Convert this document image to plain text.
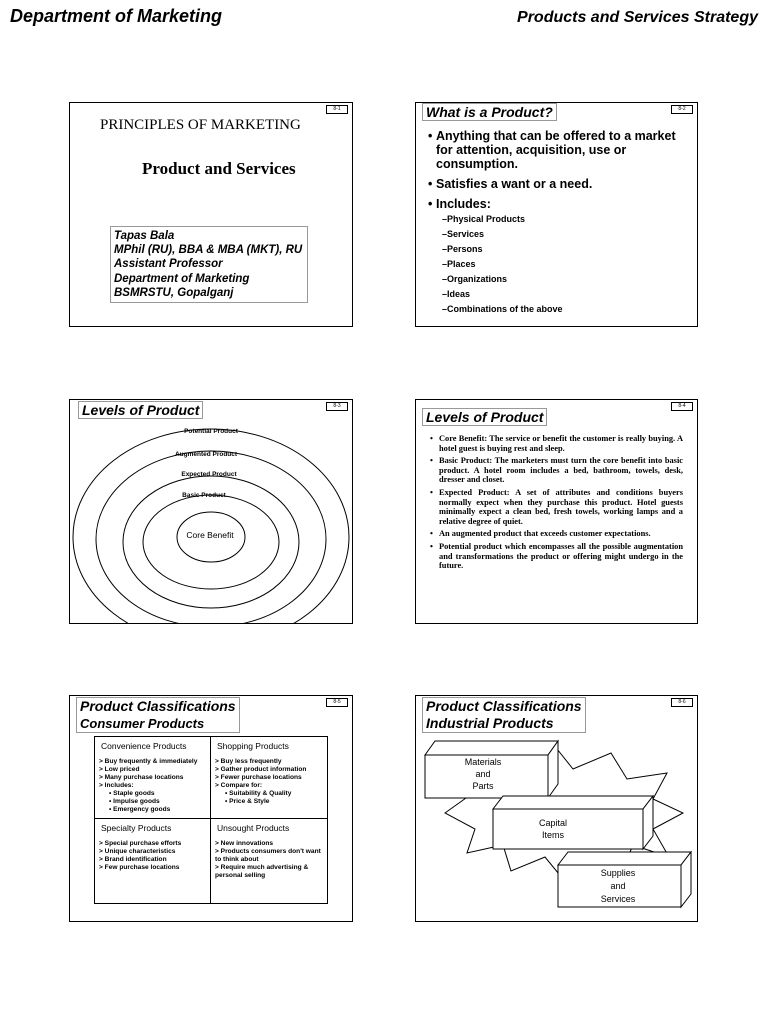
Department of Marketing	Products and Services Strategy
8-1
PRINCIPLES OF MARKETING
Product and Services
Tapas Bala
MPhil (RU), BBA & MBA (MKT), RU
Assistant Professor
Department of Marketing
BSMRSTU, Gopalganj
8-2
What is a Product?
• Anything that can be offered to a market for attention, acquisition, use or consumption.
• Satisfies a want or a need.
• Includes:
–Physical Products
–Services
–Persons
–Places
–Organizations
–Ideas
–Combinations of the above
8-3
Levels of Product
Potential Product
Augmented Product
Expected Product
Basic Product
Core Benefit
8-4
Levels of Product
• Core Benefit: The service or benefit the customer is really buying. A hotel guest is buying rest and sleep.
• Basic Product: The marketers must turn the core benefit into basic product. A hotel room includes a bed, bathroom, towels, desk, dresser and closet.
• Expected Product: A set of attributes and conditions buyers normally expect when they purchase this product. Hotel guests minimally expect a clean bed, fresh towels, working lamps and a relative degree of quiet.
• An augmented product that exceeds customer expectations.
• Potential product which encompasses all the possible augmentation and transformations the product or offering might undergo in the future.
8-5
Product Classifications
Consumer Products
Convenience Products
> Buy frequently & immediately
> Low priced
> Many purchase locations
> Includes:
• Staple goods
• Impulse goods
• Emergency goods
Shopping Products
> Buy less frequently
> Gather product information
> Fewer purchase locations
> Compare for:
• Suitability & Quality
• Price & Style
Specialty Products
> Special purchase efforts
> Unique characteristics
> Brand identification
> Few purchase locations
Unsought Products
> New innovations
> Products consumers don't want to think about
> Require much advertising & personal selling
8-6
Product Classifications
Industrial Products
Materials
and
Parts
Capital
Items
Supplies
and
Services
